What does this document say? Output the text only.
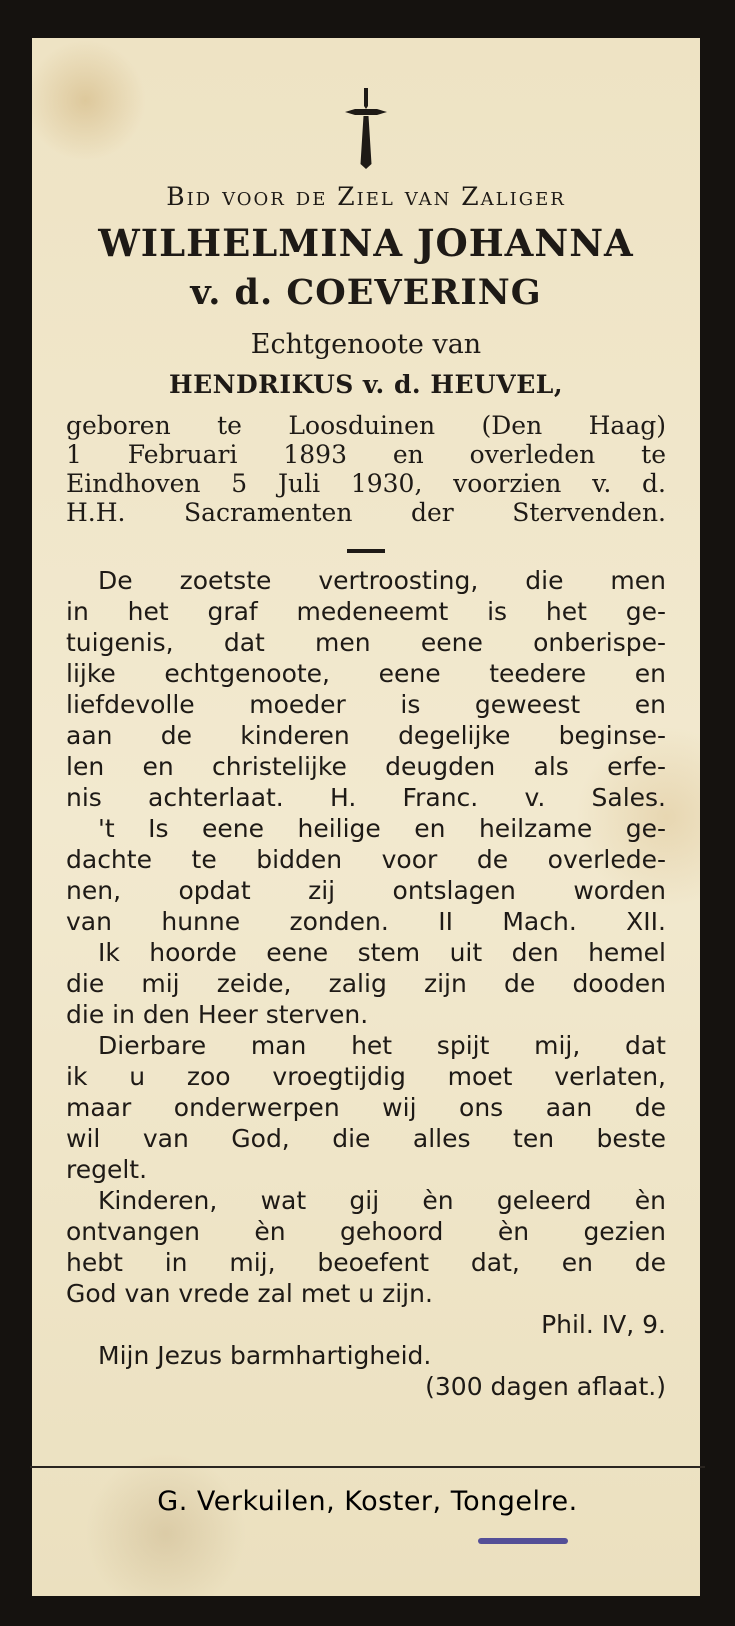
Bid voor de Ziel van Zaliger
WILHELMINA JOHANNA
v. d. COEVERING
Echtgenoote van
HENDRIKUS v. d. HEUVEL,
geboren te Loosduinen (Den Haag)
1 Februari 1893 en overleden te
Eindhoven 5 Juli 1930, voorzien v. d.
H.H. Sacramenten der Stervenden.
De zoetste vertroosting, die men
in het graf medeneemt is het ge-
tuigenis, dat men eene onberispe-
lijke echtgenoote, eene teedere en
liefdevolle moeder is geweest en
aan de kinderen degelijke beginse-
len en christelijke deugden als erfe-
nis achterlaat. H. Franc. v. Sales.
't Is eene heilige en heilzame ge-
dachte te bidden voor de overlede-
nen, opdat zij ontslagen worden
van hunne zonden. II Mach. XII.
Ik hoorde eene stem uit den hemel
die mij zeide, zalig zijn de dooden
die in den Heer sterven.
Dierbare man het spijt mij, dat
ik u zoo vroegtijdig moet verlaten,
maar onderwerpen wij ons aan de
wil van God, die alles ten beste
regelt.
Kinderen, wat gij èn geleerd èn
ontvangen èn gehoord èn gezien
hebt in mij, beoefent dat, en de
God van vrede zal met u zijn.
Phil. IV, 9.
Mijn Jezus barmhartigheid.
(300 dagen aflaat.)
G. Verkuilen, Koster, Tongelre.
